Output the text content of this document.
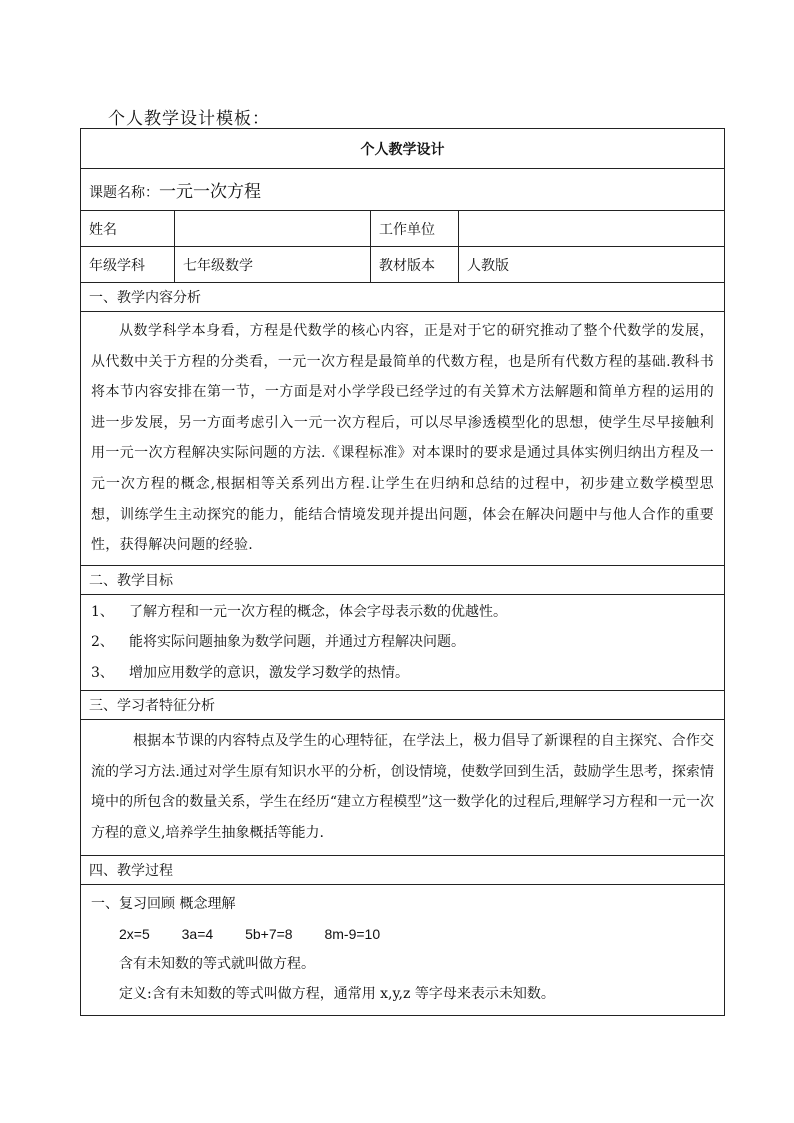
个人教学设计模板：
个人教学设计			
课题名称：一元一次方程			
姓名		工作单位	
年级学科	七年级数学	教材版本	人教版
一、教学内容分析			

从数学科学本身看，方程是代数学的核心内容，正是对于它的研究推动了整个代数学的发展，从代数中关于方程的分类看，一元一次方程是最简单的代数方程，也是所有代数方程的基础.教科书将本节内容安排在第一节，一方面是对小学学段已经学过的有关算术方法解题和简单方程的运用的进一步发展，另一方面考虑引入一元一次方程后，可以尽早渗透模型化的思想，使学生尽早接触利用一元一次方程解决实际问题的方法.《课程标准》对本课时的要求是通过具体实例归纳出方程及一元一次方程的概念,根据相等关系列出方程.让学生在归纳和总结的过程中，初步建立数学模型思想，训练学生主动探究的能力，能结合情境发现并提出问题，体会在解决问题中与他人合作的重要性，获得解决问题的经验.			

二、教学目标			

1、 了解方程和一元一次方程的概念，体会字母表示数的优越性。
2、 能将实际问题抽象为数学问题，并通过方程解决问题。
3、 增加应用数学的意识，激发学习数学的热情。			

三、学习者特征分析			

根据本节课的内容特点及学生的心理特征，在学法上，极力倡导了新课程的自主探究、合作交流的学习方法.通过对学生原有知识水平的分析，创设情境，使数学回到生活，鼓励学生思考，探索情境中的所包含的数量关系，学生在经历“建立方程模型”这一数学化的过程后,理解学习方程和一元一次方程的意义,培养学生抽象概括等能力.			

四、教学过程			

一、复习回顾 概念理解
2x=5 3a=4 5b+7=8 8m-9=10
含有未知数的等式就叫做方程。
定义:含有未知数的等式叫做方程，通常用 x,y,z 等字母来表示未知数。			
